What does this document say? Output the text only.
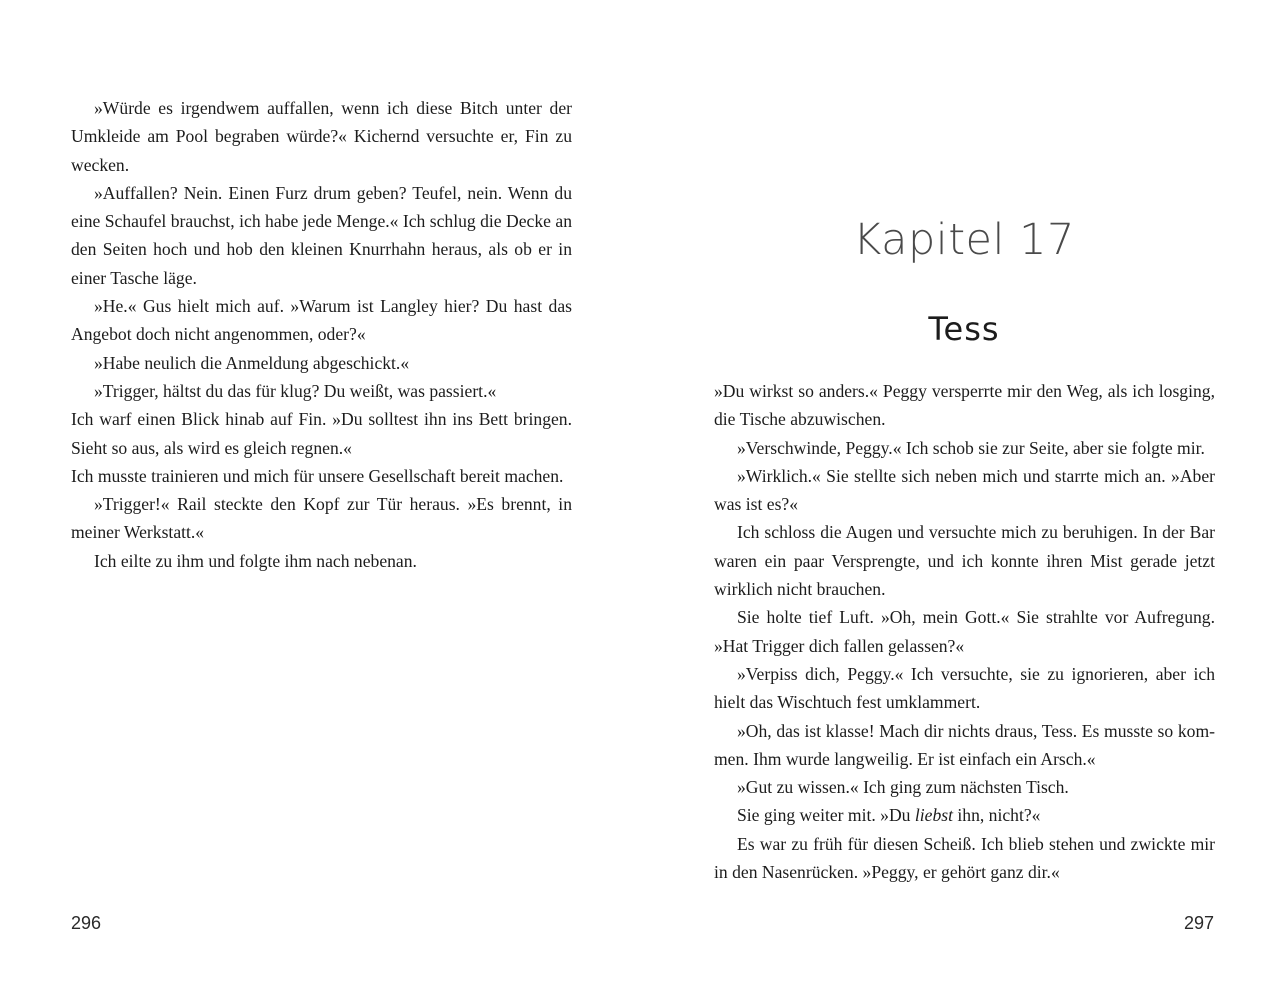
»Würde es irgendwem auffallen, wenn ich diese Bitch unter der Umkleide am Pool begraben würde?« Kichernd versuchte er, Fin zu wecken.

»Auffallen? Nein. Einen Furz drum geben? Teufel, nein. Wenn du eine Schaufel brauchst, ich habe jede Menge.« Ich schlug die Decke an den Seiten hoch und hob den kleinen Knurrhahn heraus, als ob er in einer Tasche läge.

»He.« Gus hielt mich auf. »Warum ist Langley hier? Du hast das Angebot doch nicht angenommen, oder?«

»Habe neulich die Anmeldung abgeschickt.«

»Trigger, hältst du das für klug? Du weißt, was passiert.«

Ich warf einen Blick hinab auf Fin. »Du solltest ihn ins Bett bringen. Sieht so aus, als wird es gleich regnen.«

Ich musste trainieren und mich für unsere Gesellschaft bereit machen.

»Trigger!« Rail steckte den Kopf zur Tür heraus. »Es brennt, in meiner Werkstatt.«

Ich eilte zu ihm und folgte ihm nach nebenan.

296
Kapitel 17
Tess

»Du wirkst so anders.« Peggy versperrte mir den Weg, als ich losging, die Tische abzuwischen.

»Verschwinde, Peggy.« Ich schob sie zur Seite, aber sie folgte mir.

»Wirklich.« Sie stellte sich neben mich und starrte mich an. »Aber was ist es?«

Ich schloss die Augen und versuchte mich zu beruhigen. In der Bar waren ein paar Versprengte, und ich konnte ihren Mist gerade jetzt wirklich nicht brauchen.

Sie holte tief Luft. »Oh, mein Gott.« Sie strahlte vor Aufregung. »Hat Trigger dich fallen gelassen?«

»Verpiss dich, Peggy.« Ich versuchte, sie zu ignorieren, aber ich hielt das Wischtuch fest umklammert.

»Oh, das ist klasse! Mach dir nichts draus, Tess. Es musste so kommen. Ihm wurde langweilig. Er ist einfach ein Arsch.«

»Gut zu wissen.« Ich ging zum nächsten Tisch.

Sie ging weiter mit. »Du liebst ihn, nicht?«

Es war zu früh für diesen Scheiß. Ich blieb stehen und zwickte mir in den Nasenrücken. »Peggy, er gehört ganz dir.«

297
